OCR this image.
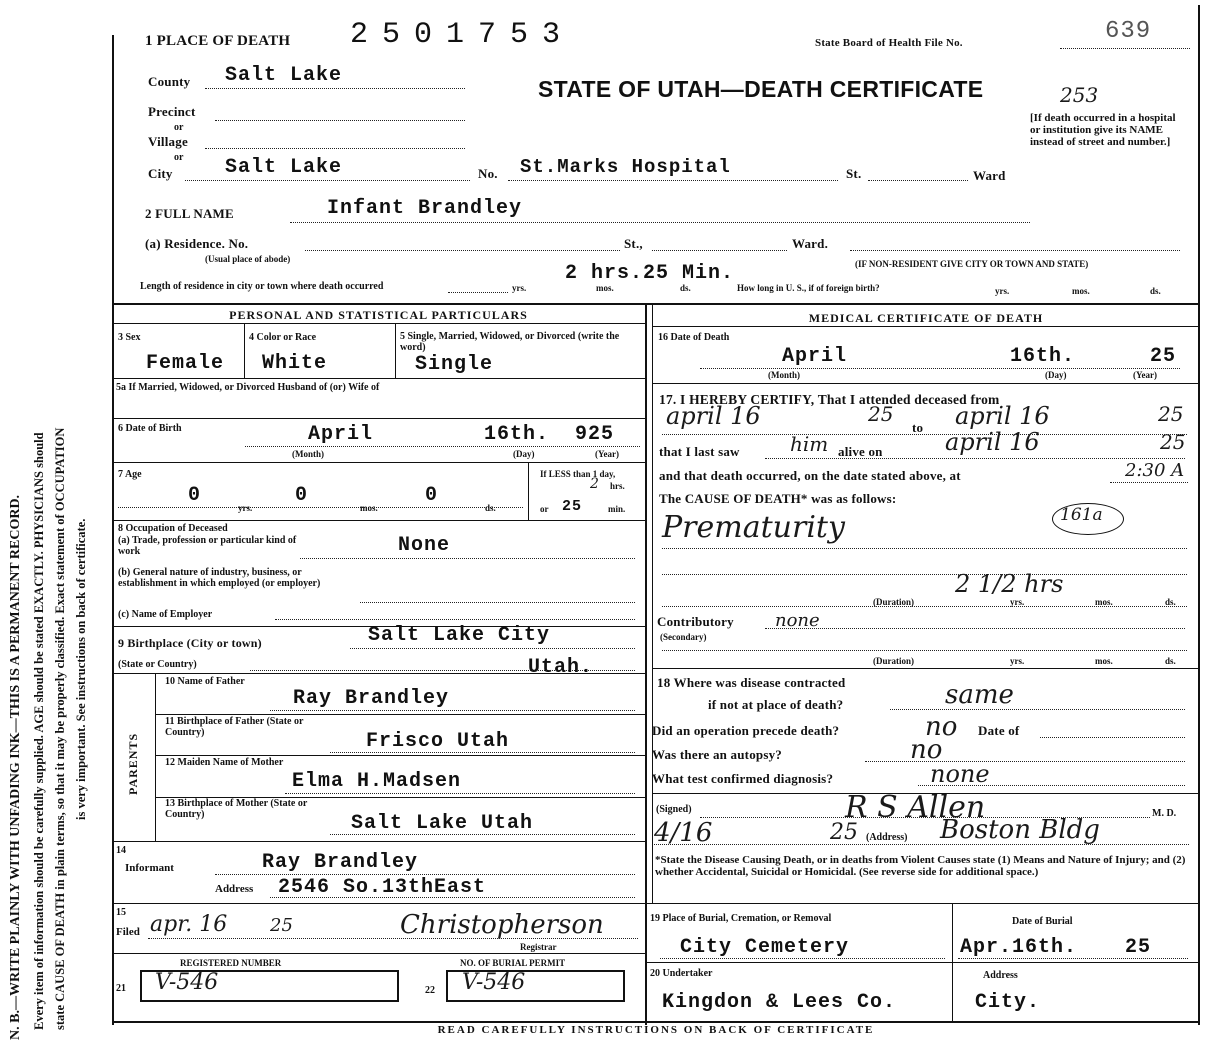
N. B.—WRITE PLAINLY WITH UNFADING INK—THIS IS A PERMANENT RECORD. Every item of information should be carefully supplied. AGE should be stated EXACTLY. PHYSICIANS should state CAUSE OF DEATH in plain terms, so that it may be properly classified. Exact statement of OCCUPATION is very important. See instructions on back of certificate.
1 PLACE OF DEATH 2501753	State Board of Health File No.	639
County Salt Lake
STATE OF UTAH—DEATH CERTIFICATE	253
Precinct
or
Village
or
City	Salt Lake	No. St.Marks Hospital	St.	Ward
[If death occurred in a hospital or institution give its NAME instead of street and number.]
2 FULL NAME	Infant Brandley
(a) Residence. No.
(Usual place of abode)
St.,	Ward.
(IF NON-RESIDENT GIVE CITY OR TOWN AND STATE)
Length of residence in city or town where death occurred	yrs.	mos.	ds.
2 hrs.25 Min.
How long in U. S., if of foreign birth?	yrs.	mos.	ds.
PERSONAL AND STATISTICAL PARTICULARS	MEDICAL CERTIFICATE OF DEATH
3 Sex
Female
4 Color or Race
White
5 Single, Married, Widowed, or Divorced (write the word)
Single
5a If Married, Widowed, or Divorced Husband of (or) Wife of
6 Date of Birth	April	16th. 925
(Month)	(Day)	(Year)
7 Age
0	0	0
yrs.	mos.	ds.
If LESS than 1 day,
2 hrs.
or 25	min.
8 Occupation of Deceased
(a) Trade, profession or particular kind of work	None
(b) General nature of industry, business, or establishment in which employed (or employer)
(c) Name of Employer
9 Birthplace (City or town)	Salt Lake City
(State or Country)	Utah.
PARENTS
10 Name of Father
Ray Brandley
11 Birthplace of Father (State or Country)	Frisco Utah
12 Maiden Name of Mother
Elma H.Madsen
13 Birthplace of Mother (State or Country)	Salt Lake Utah
14
Informant	Ray Brandley
Address 2546 So.13thEast
15
Filed apr. 16 25	Christopherson
Registrar
REGISTERED NUMBER	NO. OF BURIAL PERMIT
21 V-546	22 V-546
16 Date of Death
April	16th.	25
(Month)	(Day)	(Year)
17. I HEREBY CERTIFY, That I attended deceased from
april 16	25
to april 16	25
that I last saw	him alive on	april 16	25
and that death occurred, on the date stated above, at	2:30 A
The CAUSE OF DEATH* was as follows:
Prematurity	161a
2 1/2 hrs
(Duration)	yrs.	mos.	ds.
Contributory
(Secondary)
none
(Duration)	yrs.	mos.	ds.
18 Where was disease contracted
if not at place of death?	same
Did an operation precede death?	no Date of
Was there an autopsy?	no
What test confirmed diagnosis?	none
(Signed)	R S Allen	M. D.
4/16	25 (Address) Boston Bldg
*State the Disease Causing Death, or in deaths from Violent Causes state (1) Means and Nature of Injury; and (2) whether Accidental, Suicidal or Homicidal. (See reverse side for additional space.)
19 Place of Burial, Cremation, or Removal
City Cemetery
Date of Burial
Apr.16th. 25
20 Undertaker
Kingdon & Lees Co.
Address
City.
READ CAREFULLY INSTRUCTIONS ON BACK OF CERTIFICATE
